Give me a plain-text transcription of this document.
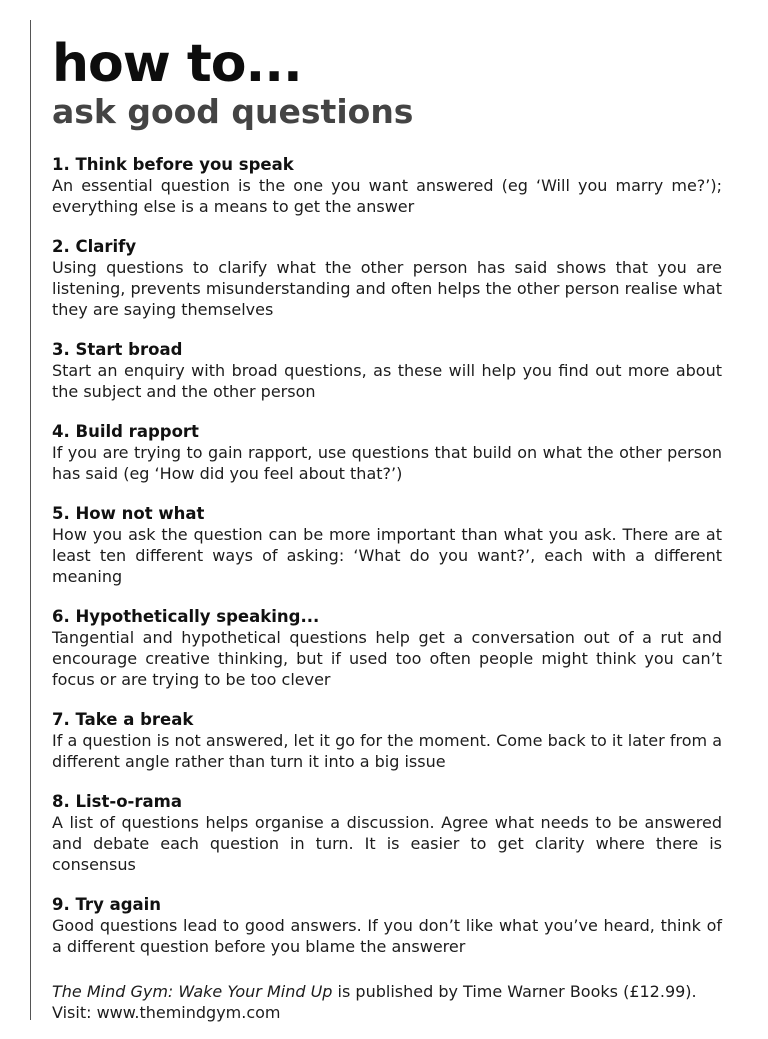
how to...
ask good questions

1. Think before you speak

An essential question is the one you want answered (eg ‘Will you marry me?’); everything else is a means to get the answer

2. Clarify

Using questions to clarify what the other person has said shows that you are listening, prevents misunderstanding and often helps the other person realise what they are saying themselves

3. Start broad

Start an enquiry with broad questions, as these will help you find out more about the subject and the other person

4. Build rapport

If you are trying to gain rapport, use questions that build on what the other person has said (eg ‘How did you feel about that?’)

5. How not what

How you ask the question can be more important than what you ask. There are at least ten different ways of asking: ‘What do you want?’, each with a different meaning

6. Hypothetically speaking...

Tangential and hypothetical questions help get a conversation out of a rut and encourage creative thinking, but if used too often people might think you can’t focus or are trying to be too clever

7. Take a break

If a question is not answered, let it go for the moment. Come back to it later from a different angle rather than turn it into a big issue

8. List-o-rama

A list of questions helps organise a discussion. Agree what needs to be answered and debate each question in turn. It is easier to get clarity where there is consensus

9. Try again

Good questions lead to good answers. If you don’t like what you’ve heard, think of a different question before you blame the answerer

The Mind Gym: Wake Your Mind Up is published by Time Warner Books (£12.99). Visit: www.themindgym.com
